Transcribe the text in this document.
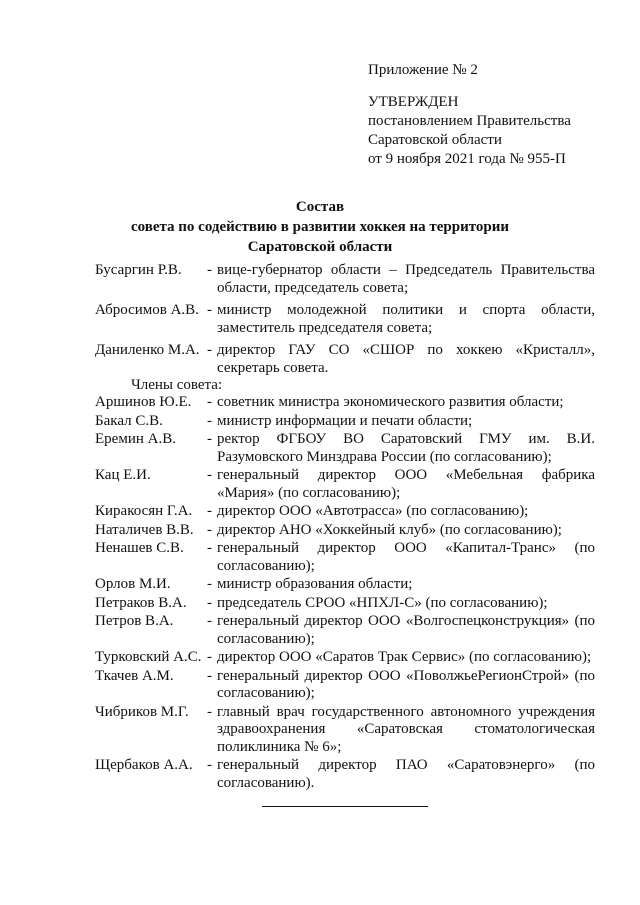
Приложение № 2
УТВЕРЖДЕН
постановлением Правительства
Саратовской области
от 9 ноября 2021 года № 955-П
Состав
совета по содействию в развитии хоккея на территории
Саратовской области
Бусаргин Р.В.	- вице-губернатор области – Председатель Правительства области, председатель совета;
Абросимов А.В. - министр молодежной политики и спорта области, заместитель председателя совета;
Даниленко М.А. - директор ГАУ СО «СШОР по хоккею «Кристалл», секретарь совета.
Члены совета:
Аршинов Ю.Е.	- советник министра экономического развития области;
Бакал С.В.	- министр информации и печати области;
Еремин А.В.	- ректор ФГБОУ ВО Саратовский ГМУ им. В.И. Разумовского Минздрава России (по согласованию);
Кац Е.И.	- генеральный директор ООО «Мебельная фабрика «Мария» (по согласованию);
Киракосян Г.А. - директор ООО «Автотрасса» (по согласованию);
Наталичев В.В. - директор АНО «Хоккейный клуб» (по согласованию);
Ненашев С.В.	- генеральный директор ООО «Капитал-Транс» (по согласованию);
Орлов М.И.	- министр образования области;
Петраков В.А.	- председатель СРОО «НПХЛ-С» (по согласованию);
Петров В.А.	- генеральный директор ООО «Волгоспецконструкция» (по согласованию);
Турковский А.С. - директор ООО «Саратов Трак Сервис» (по согласованию);
Ткачев А.М.	- генеральный директор ООО «ПоволжьеРегионСтрой» (по согласованию);
Чибриков М.Г.	- главный врач государственного автономного учреждения здравоохранения «Саратовская стоматологическая поликлиника № 6»;
Щербаков А.А. - генеральный директор ПАО «Саратовэнерго» (по согласованию).
